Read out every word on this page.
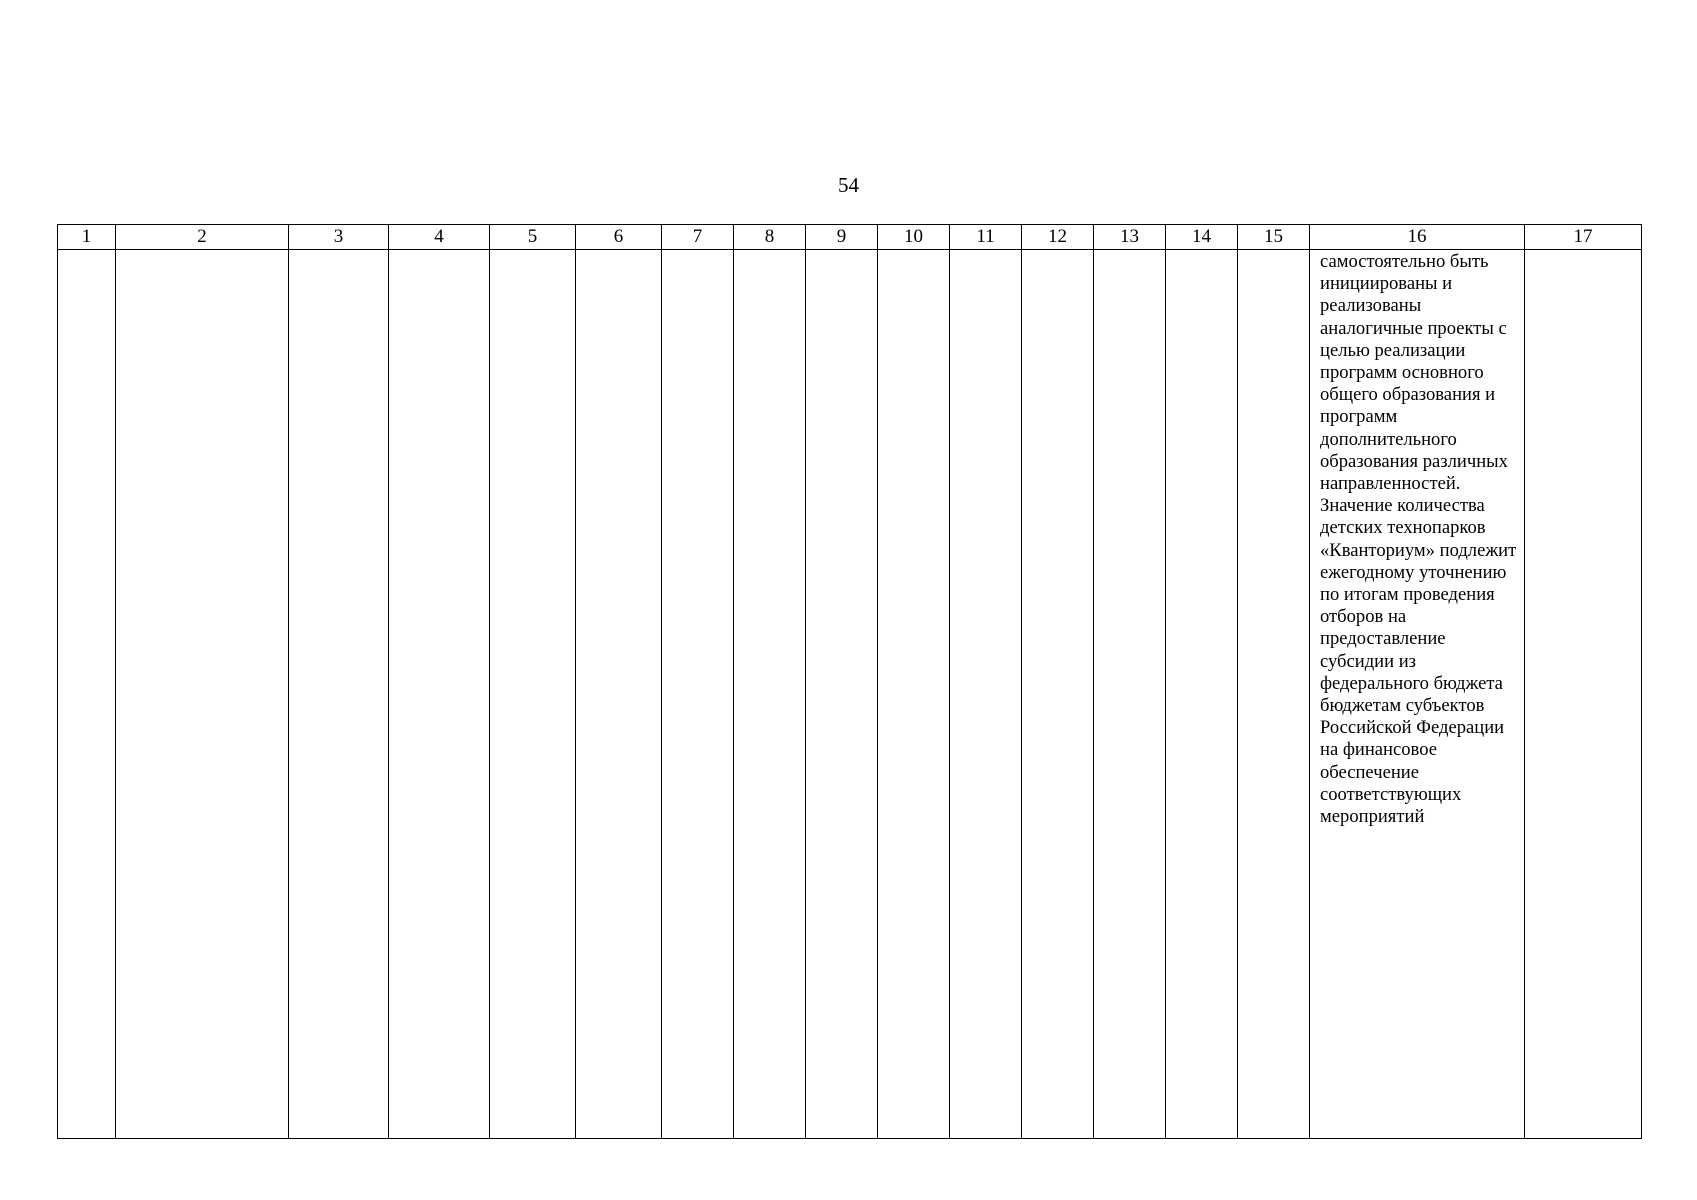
54
1	2	3	4	5	6	7	8	9	10	11	12	13	14	15	16	17

															самостоятельно быть инициированы и реализованы аналогичные проекты с целью реализации программ основного общего образования и программ дополнительного образования различных направленностей. Значение количества детских технопарков «Кванториум» подлежит ежегодному уточнению по итогам проведения отборов на предоставление субсидии из федерального бюджета бюджетам субъектов Российской Федерации на финансовое обеспечение соответствующих мероприятий	
